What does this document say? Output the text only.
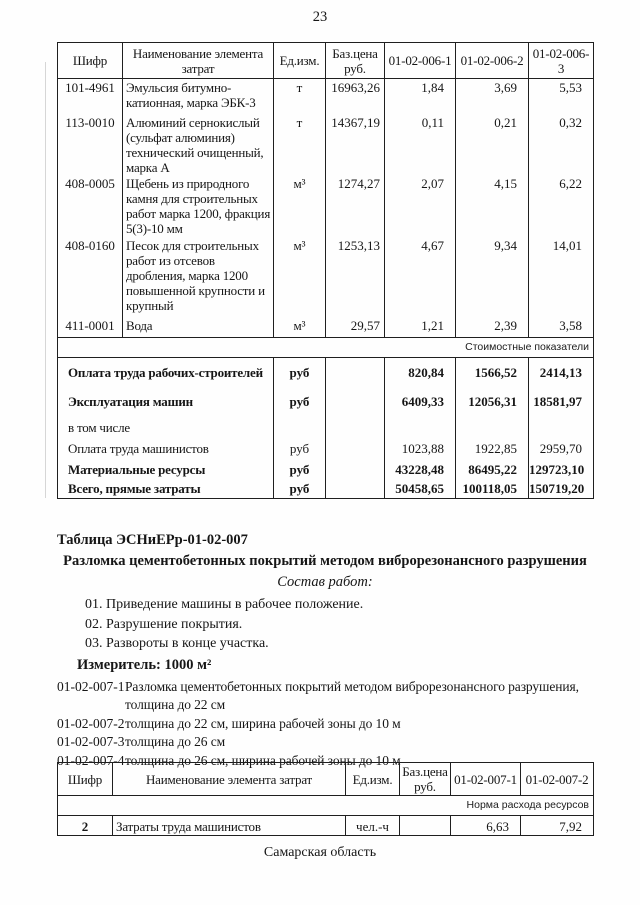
23
Шифр	Наименование элемента затрат	Ед.изм.	Баз.цена руб.	01-02-006-1	01-02-006-2	01-02-006-3
101-4961	Эмульсия битумно-катионная, марка ЭБК-3	т	16963,26	1,84	3,69	5,53
113-0010	Алюминий сернокислый (сульфат алюминия) технический очищенный, марка А	т	14367,19	0,11	0,21	0,32
408-0005	Щебень из природного камня для строительных работ марка 1200, фракция 5(3)-10 мм	м³	1274,27	2,07	4,15	6,22
408-0160	Песок для строительных работ из отсевов дробления, марка 1200 повышенной крупности и крупный	м³	1253,13	4,67	9,34	14,01
411-0001	Вода	м³	29,57	1,21	2,39	3,58
Стоимостные показатели						
Оплата труда рабочих-строителей		руб		820,84	1566,52	2414,13
Эксплуатация машин		руб		6409,33	12056,31	18581,97
в том числе						
Оплата труда машинистов		руб		1023,88	1922,85	2959,70
Материальные ресурсы		руб		43228,48	86495,22	129723,10
Всего, прямые затраты		руб		50458,65	100118,05	150719,20
Таблица ЭСНиЕРр-01-02-007
Разломка цементобетонных покрытий методом виброрезонансного разрушения
Состав работ:
01. Приведение машины в рабочее положение.
02. Разрушение покрытия.
03. Развороты в конце участка.
Измеритель: 1000 м²
01-02-007-1 Разломка цементобетонных покрытий методом виброрезонансного разрушения, толщина до 22 см
01-02-007-2 толщина до 22 см, ширина рабочей зоны до 10 м
01-02-007-3 толщина до 26 см
01-02-007-4 толщина до 26 см, ширина рабочей зоны до 10 м
Шифр	Наименование элемента затрат	Ед.изм.	Баз.цена руб.	01-02-007-1	01-02-007-2
Норма расхода ресурсов					
2	Затраты труда машинистов	чел.-ч		6,63	7,92
Самарская область
